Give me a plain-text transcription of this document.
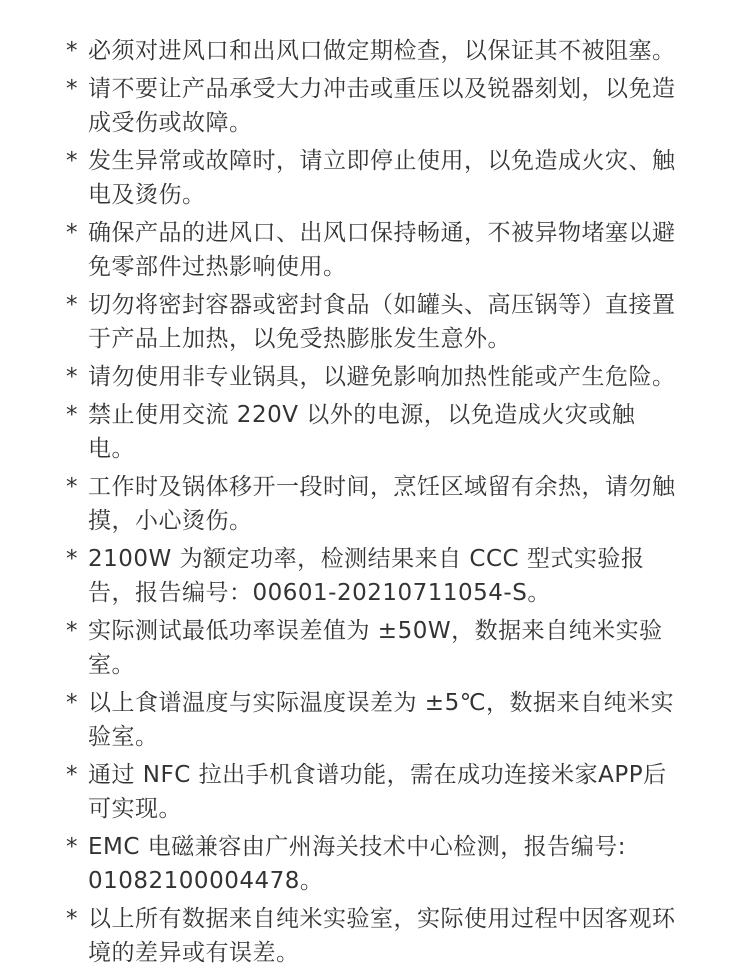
* 必须对进风口和出风口做定期检查，以保证其不被阻塞。
* 请不要让产品承受大力冲击或重压以及锐器刻划，以免造成受伤或故障。
* 发生异常或故障时，请立即停止使用，以免造成火灾、触电及烫伤。
* 确保产品的进风口、出风口保持畅通，不被异物堵塞以避免零部件过热影响使用。
* 切勿将密封容器或密封食品（如罐头、高压锅等）直接置于产品上加热，以免受热膨胀发生意外。
* 请勿使用非专业锅具，以避免影响加热性能或产生危险。
* 禁止使用交流 220V 以外的电源，以免造成火灾或触电。
* 工作时及锅体移开一段时间，烹饪区域留有余热，请勿触摸，小心烫伤。
* 2100W 为额定功率，检测结果来自 CCC 型式实验报告，报告编号：00601-20210711054-S。
* 实际测试最低功率误差值为 ±50W，数据来自纯米实验室。
* 以上食谱温度与实际温度误差为 ±5℃，数据来自纯米实验室。
* 通过 NFC 拉出手机食谱功能，需在成功连接米家APP后可实现。
* EMC 电磁兼容由广州海关技术中心检测，报告编号: 01082100004478。
* 以上所有数据来自纯米实验室，实际使用过程中因客观环境的差异或有误差。
